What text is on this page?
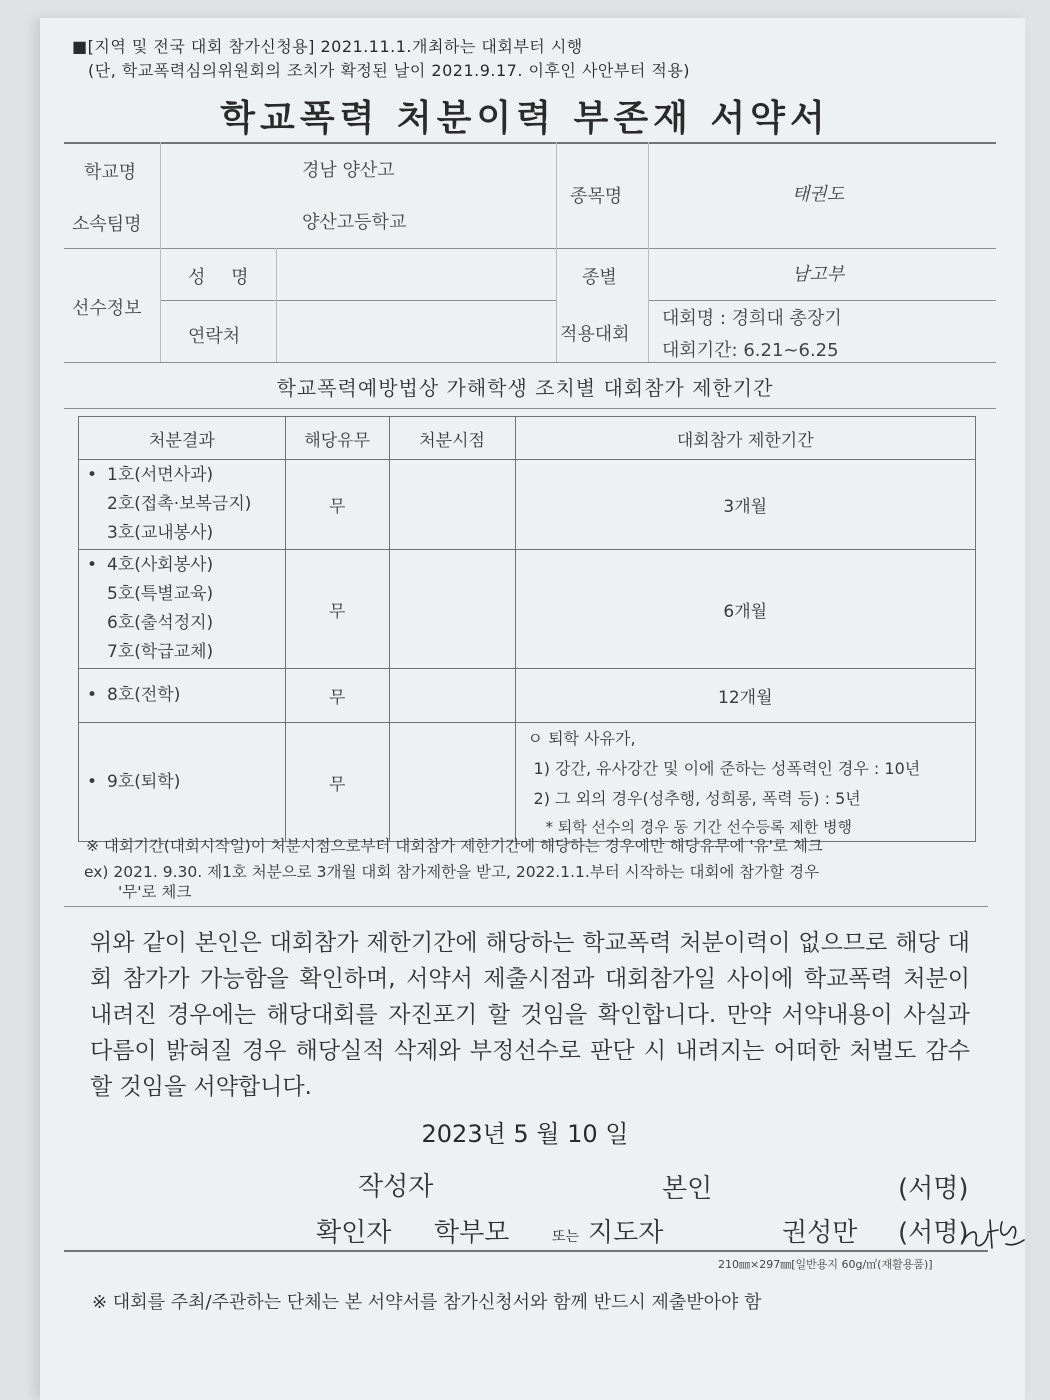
■[지역 및 전국 대회 참가신청용] 2021.11.1.개최하는 대회부터 시행
(단, 학교폭력심의위원회의 조치가 확정된 날이 2021.9.17. 이후인 사안부터 적용)
학교폭력 처분이력 부존재 서약서
학교명	경남 양산고
소속팀명	양산고등학교
종목명	태권도
선수정보
성 명
연락처
종별	남고부
적용대회
대회명 : 경희대 총장기
대회기간: 6.21~6.25
학교폭력예방법상 가해학생 조치별 대회참가 제한기간
처분결과	해당유무	처분시점	대회참가 제한기간

• 1호(서면사과)
2호(접촉·보복금지)
3호(교내봉사)	무		3개월

• 4호(사회봉사)
5호(특별교육)
6호(출석정지)
7호(학급교체)	무		6개월

• 8호(전학)	무		12개월

• 9호(퇴학)	무		ㅇ 퇴학 사유가,
1) 강간, 유사강간 및 이에 준하는 성폭력인 경우 : 10년
2) 그 외의 경우(성추행, 성희롱, 폭력 등) : 5년
* 퇴학 선수의 경우 동 기간 선수등록 제한 병행
※ 대회기간(대회시작일)이 처분시점으로부터 대회참가 제한기간에 해당하는 경우에만 해당유무에 '유'로 체크
ex) 2021. 9.30. 제1호 처분으로 3개월 대회 참가제한을 받고, 2022.1.1.부터 시작하는 대회에 참가할 경우
'무'로 체크
위와 같이 본인은 대회참가 제한기간에 해당하는 학교폭력 처분이력이 없으므로 해당 대회 참가가 가능함을 확인하며, 서약서 제출시점과 대회참가일 사이에 학교폭력 처분이 내려진 경우에는 해당대회를 자진포기 할 것임을 확인합니다. 만약 서약내용이 사실과 다름이 밝혀질 경우 해당실적 삭제와 부정선수로 판단 시 내려지는 어떠한 처벌도 감수할 것임을 서약합니다.
2023년 5 월 10 일
작성자	본인	(서명)
확인자 학부모	또는 지도자	권성만 (서명)
210㎜×297㎜[일반용지 60g/㎡(재활용품)]
※ 대회를 주최/주관하는 단체는 본 서약서를 참가신청서와 함께 반드시 제출받아야 함
